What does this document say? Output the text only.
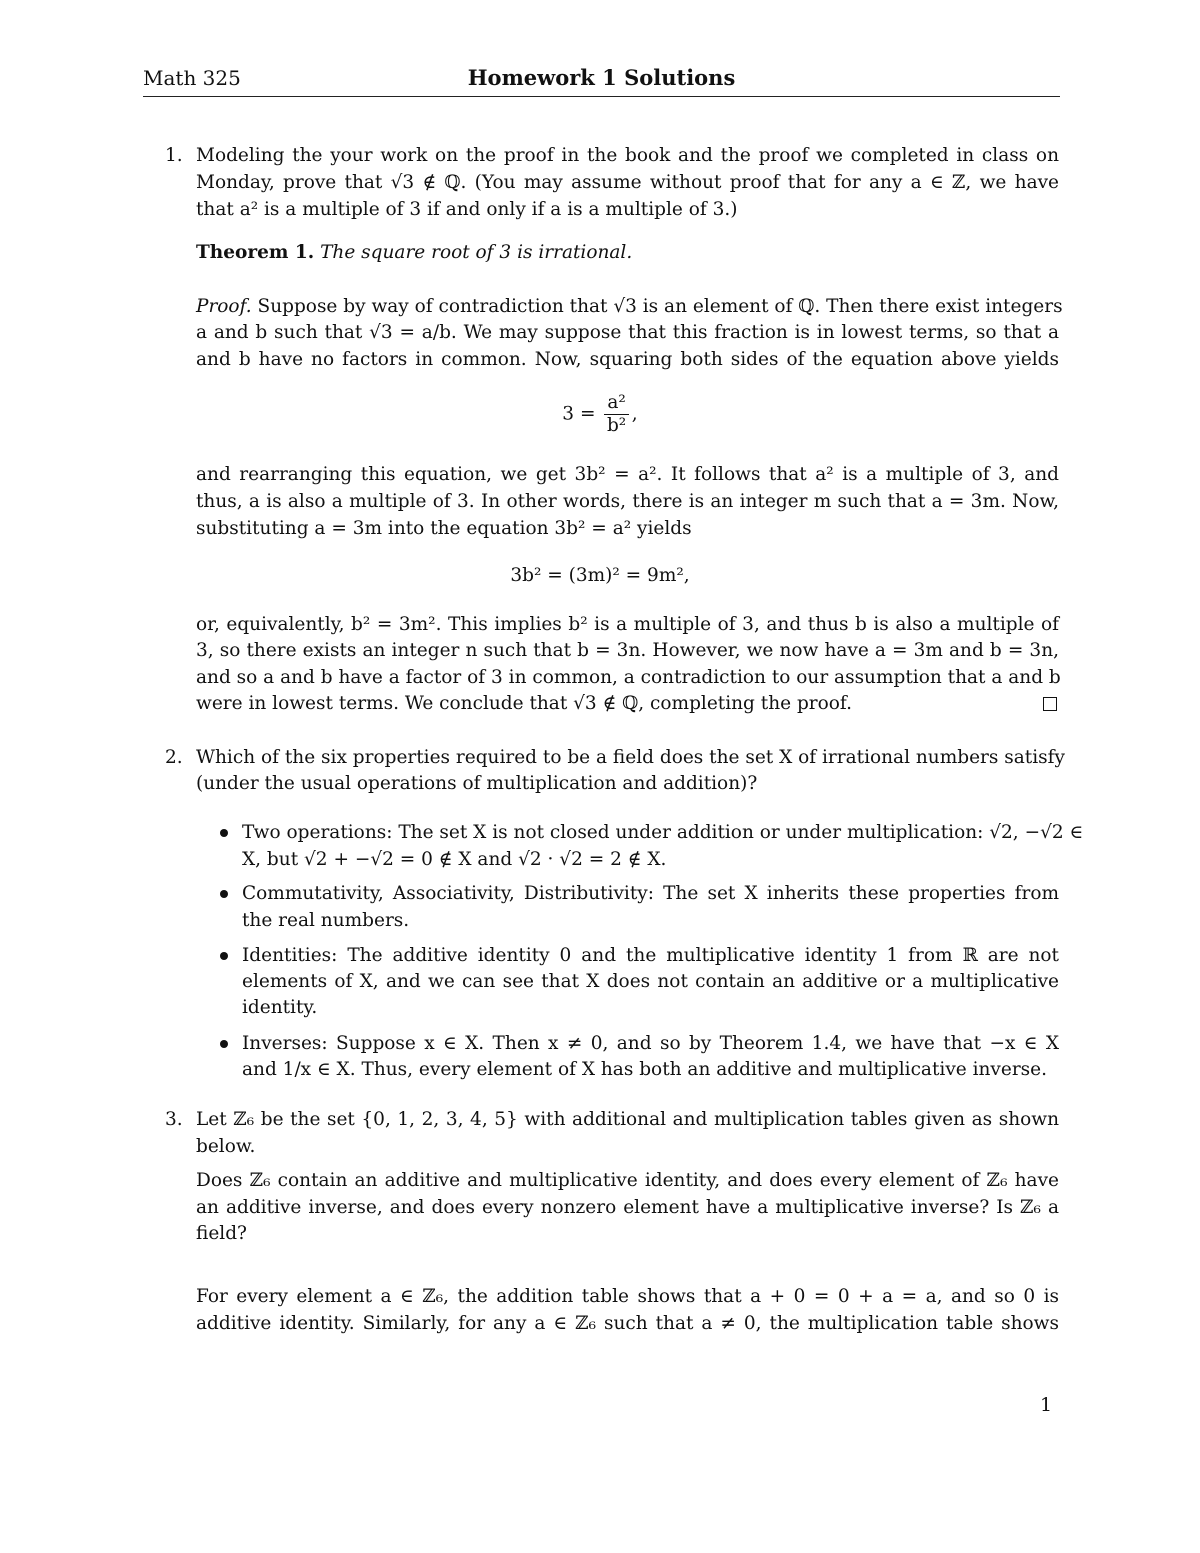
Math 325	Homework 1 Solutions
1. Modeling the your work on the proof in the book and the proof we completed in class on
Monday, prove that √3 ∉ ℚ. (You may assume without proof that for any a ∈ ℤ, we have
that a² is a multiple of 3 if and only if a is a multiple of 3.)
Theorem 1. The square root of 3 is irrational.
Proof. Suppose by way of contradiction that √3 is an element of ℚ. Then there exist integers
a and b such that √3 = a/b. We may suppose that this fraction is in lowest terms, so that a
and b have no factors in common. Now, squaring both sides of the equation above yields
$3 = \frac{\text{a²}}{\text{b²}}$ ,
and rearranging this equation, we get 3b² = a². It follows that a² is a multiple of 3, and
thus, a is also a multiple of 3. In other words, there is an integer m such that a = 3m. Now,
substituting a = 3m into the equation 3b² = a² yields
3b² = (3m)² = 9m²,
or, equivalently, b² = 3m². This implies b² is a multiple of 3, and thus b is also a multiple of
3, so there exists an integer n such that b = 3n. However, we now have a = 3m and b = 3n,
and so a and b have a factor of 3 in common, a contradiction to our assumption that a and b
were in lowest terms. We conclude that √3 ∉ ℚ, completing the proof.
2. Which of the six properties required to be a field does the set X of irrational numbers satisfy
(under the usual operations of multiplication and addition)?
Two operations: The set X is not closed under addition or under multiplication: √2, −√2 ∈
X, but √2 + −√2 = 0 ∉ X and √2 · √2 = 2 ∉ X.
Commutativity, Associativity, Distributivity: The set X inherits these properties from
the real numbers.
Identities: The additive identity 0 and the multiplicative identity 1 from ℝ are not
elements of X, and we can see that X does not contain an additive or a multiplicative
identity.
Inverses: Suppose x ∈ X. Then x ≠ 0, and so by Theorem 1.4, we have that −x ∈ X
and 1/x ∈ X. Thus, every element of X has both an additive and multiplicative inverse.
3. Let ℤ₆ be the set {0, 1, 2, 3, 4, 5} with additional and multiplication tables given as shown
below.
Does ℤ₆ contain an additive and multiplicative identity, and does every element of ℤ₆ have
an additive inverse, and does every nonzero element have a multiplicative inverse? Is ℤ₆ a
field?
For every element a ∈ ℤ₆, the addition table shows that a + 0 = 0 + a = a, and so 0 is
additive identity. Similarly, for any a ∈ ℤ₆ such that a ≠ 0, the multiplication table shows
1
